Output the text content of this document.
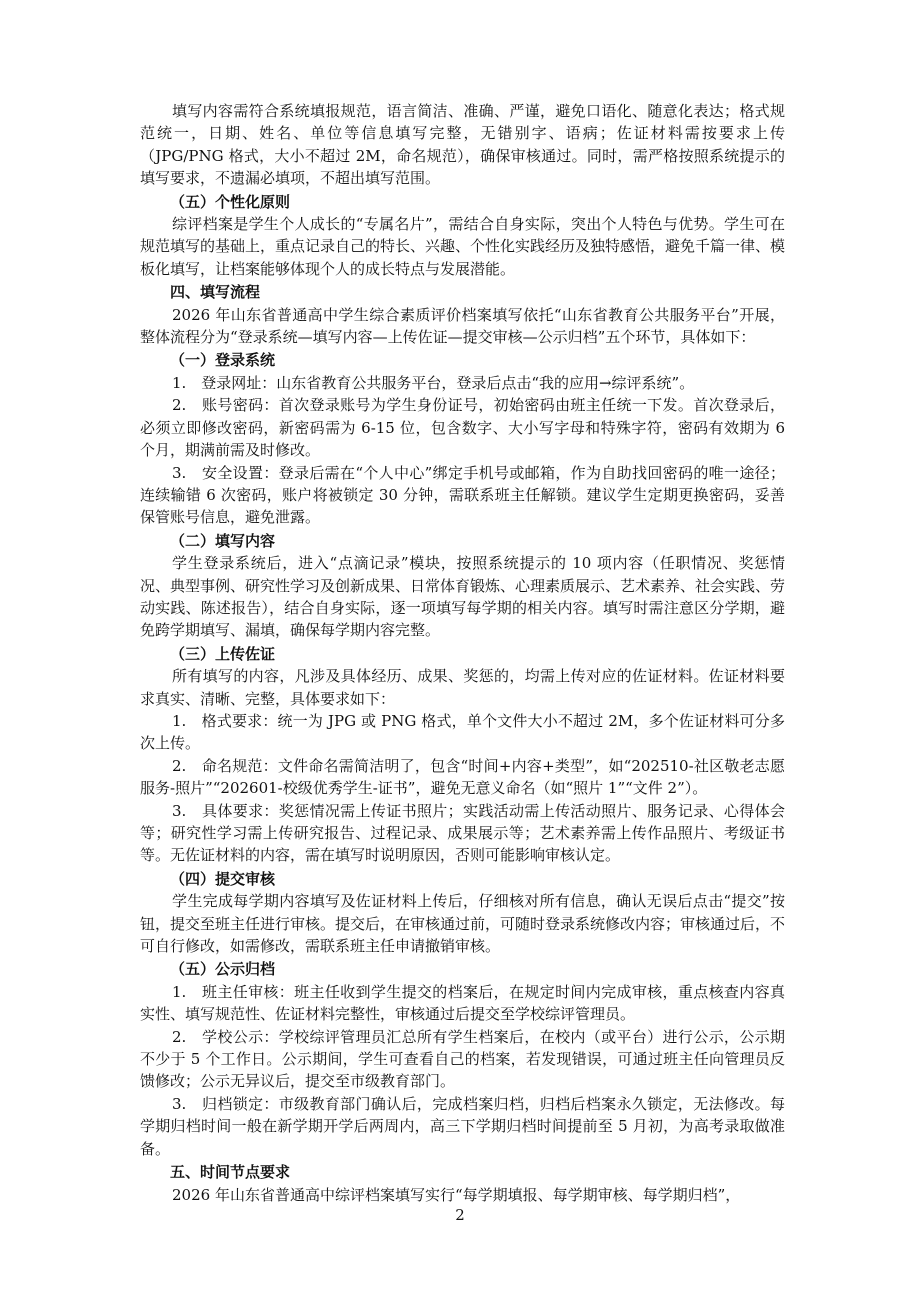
填写内容需符合系统填报规范，语言简洁、准确、严谨，避免口语化、随意化表达；格式规范统一，日期、姓名、单位等信息填写完整，无错别字、语病；佐证材料需按要求上传（JPG/PNG 格式，大小不超过 2M，命名规范），确保审核通过。同时，需严格按照系统提示的填写要求，不遗漏必填项，不超出填写范围。

（五）个性化原则

综评档案是学生个人成长的“专属名片”，需结合自身实际，突出个人特色与优势。学生可在规范填写的基础上，重点记录自己的特长、兴趣、个性化实践经历及独特感悟，避免千篇一律、模板化填写，让档案能够体现个人的成长特点与发展潜能。

四、填写流程

2026 年山东省普通高中学生综合素质评价档案填写依托“山东省教育公共服务平台”开展，整体流程分为“登录系统—填写内容—上传佐证—提交审核—公示归档”五个环节，具体如下：

（一）登录系统

1.　登录网址：山东省教育公共服务平台，登录后点击“我的应用→综评系统”。

2.　账号密码：首次登录账号为学生身份证号，初始密码由班主任统一下发。首次登录后，必须立即修改密码，新密码需为 6-15 位，包含数字、大小写字母和特殊字符，密码有效期为 6 个月，期满前需及时修改。

3.　安全设置：登录后需在“个人中心”绑定手机号或邮箱，作为自助找回密码的唯一途径；连续输错 6 次密码，账户将被锁定 30 分钟，需联系班主任解锁。建议学生定期更换密码，妥善保管账号信息，避免泄露。

（二）填写内容

学生登录系统后，进入“点滴记录”模块，按照系统提示的 10 项内容（任职情况、奖惩情况、典型事例、研究性学习及创新成果、日常体育锻炼、心理素质展示、艺术素养、社会实践、劳动实践、陈述报告），结合自身实际，逐一项填写每学期的相关内容。填写时需注意区分学期，避免跨学期填写、漏填，确保每学期内容完整。

（三）上传佐证

所有填写的内容，凡涉及具体经历、成果、奖惩的，均需上传对应的佐证材料。佐证材料要求真实、清晰、完整，具体要求如下：

1.　格式要求：统一为 JPG 或 PNG 格式，单个文件大小不超过 2M，多个佐证材料可分多次上传。

2.　命名规范：文件命名需简洁明了，包含“时间+内容+类型”，如“202510-社区敬老志愿服务-照片”“202601-校级优秀学生-证书”，避免无意义命名（如“照片 1”“文件 2”）。

3.　具体要求：奖惩情况需上传证书照片；实践活动需上传活动照片、服务记录、心得体会等；研究性学习需上传研究报告、过程记录、成果展示等；艺术素养需上传作品照片、考级证书等。无佐证材料的内容，需在填写时说明原因，否则可能影响审核认定。

（四）提交审核

学生完成每学期内容填写及佐证材料上传后，仔细核对所有信息，确认无误后点击“提交”按钮，提交至班主任进行审核。提交后，在审核通过前，可随时登录系统修改内容；审核通过后，不可自行修改，如需修改，需联系班主任申请撤销审核。

（五）公示归档

1.　班主任审核：班主任收到学生提交的档案后，在规定时间内完成审核，重点核查内容真实性、填写规范性、佐证材料完整性，审核通过后提交至学校综评管理员。

2.　学校公示：学校综评管理员汇总所有学生档案后，在校内（或平台）进行公示，公示期不少于 5 个工作日。公示期间，学生可查看自己的档案，若发现错误，可通过班主任向管理员反馈修改；公示无异议后，提交至市级教育部门。

3.　归档锁定：市级教育部门确认后，完成档案归档，归档后档案永久锁定，无法修改。每学期归档时间一般在新学期开学后两周内，高三下学期归档时间提前至 5 月初，为高考录取做准备。

五、时间节点要求

2026 年山东省普通高中综评档案填写实行“每学期填报、每学期审核、每学期归档”，

2
